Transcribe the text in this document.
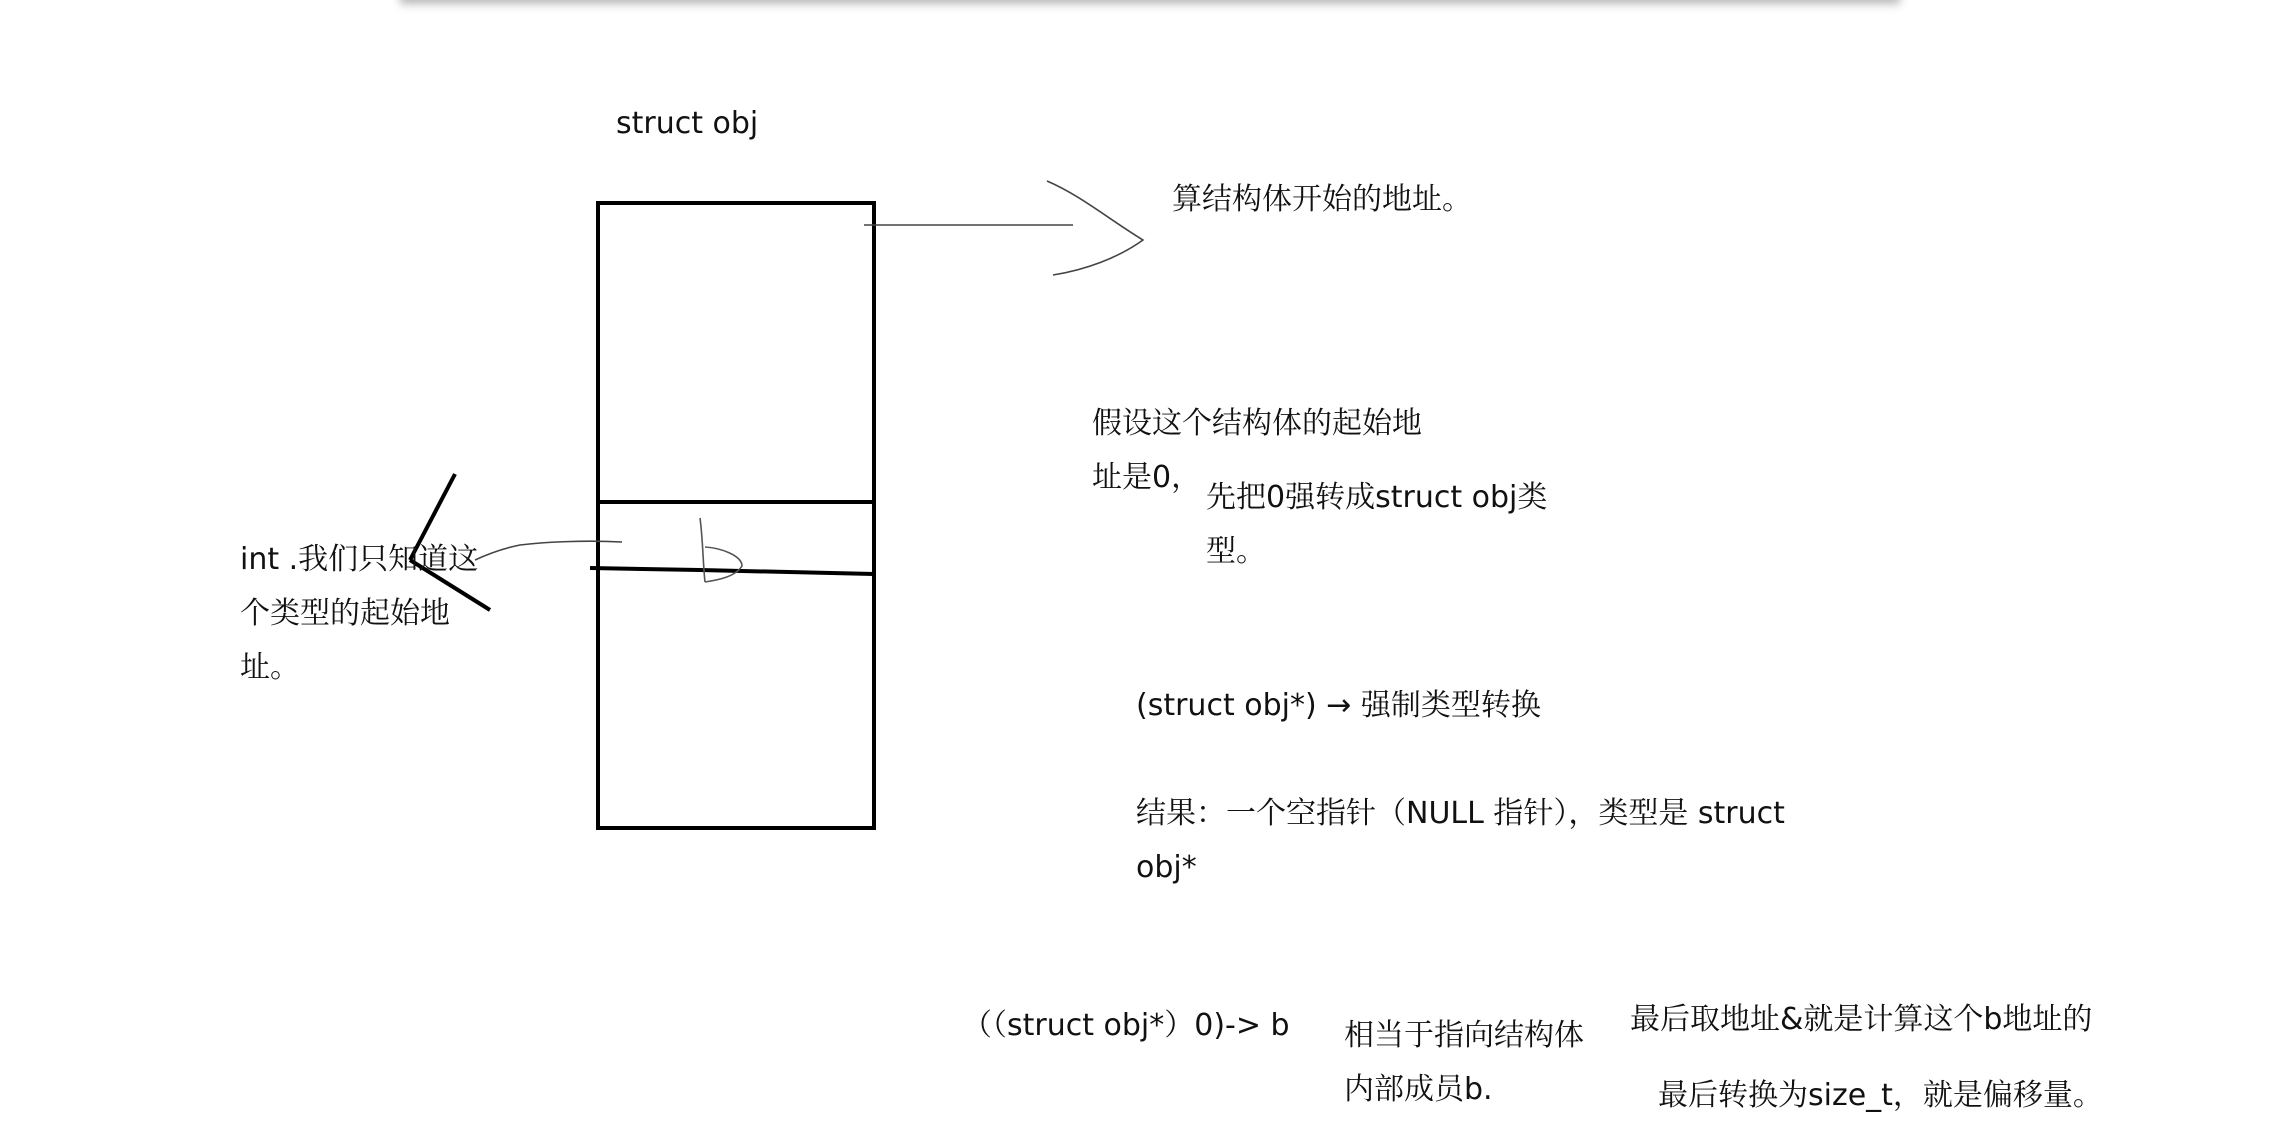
struct obj
算结构体开始的地址。
int .我们只知道这
个类型的起始地
址。
假设这个结构体的起始地
址是0，
先把0强转成struct obj类
型。
(struct obj*) → 强制类型转换
结果：一个空指针（NULL 指针），类型是 struct
obj*
（（struct obj*）0)-> b 相当于指向结构体
内部成员b.
最后取地址&就是计算这个b地址的
最后转换为size_t，就是偏移量。
